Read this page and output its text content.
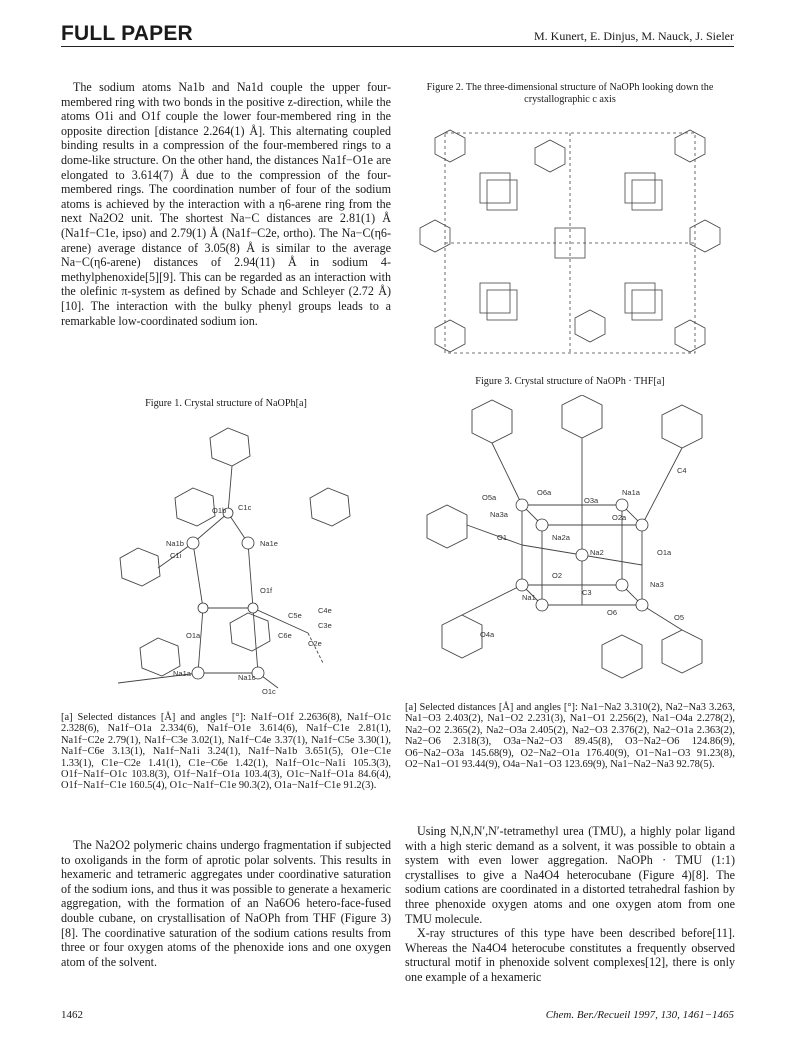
FULL PAPER	M. Kunert, E. Dinjus, M. Nauck, J. Sieler

The sodium atoms Na1b and Na1d couple the upper four-membered ring with two bonds in the positive z-direction, while the atoms O1i and O1f couple the lower four-membered ring in the opposite direction [distance 2.264(1) Å]. This alternating coupled binding results in a compression of the four-membered rings to a dome-like structure. On the other hand, the distances Na1f−O1e are elongated to 3.614(7) Å due to the compression of the four-membered rings. The coordination number of four of the sodium atoms is achieved by the interaction with a η6-arene ring from the next Na2O2 unit. The shortest Na−C distances are 2.81(1) Å (Na1f−C1e, ipso) and 2.79(1) Å (Na1f−C2e, ortho). The Na−C(η6-arene) average distance of 3.05(8) Å is similar to the average Na−C(η6-arene) distances of 2.94(11) Å in sodium 4-methylphenoxide[5][9]. This can be regarded as an interaction with the olefinic π-system as defined by Schade and Schleyer (2.72 Å)[10]. The interaction with the bulky phenyl groups leads to a remarkable low-coordinated sodium ion.

Figure 1. Crystal structure of NaOPh[a]
O1b C1c
Na1b	Na1e
C1i
O1f
C4e
C5e
C3e
O1a	C6e
C2e
Na1a	Na1c
O1c
[a] Selected distances [Å] and angles [°]: Na1f−O1f 2.2636(8), Na1f−O1c 2.328(6), Na1f−O1a 2.334(6), Na1f−O1e 3.614(6), Na1f−C1e 2.81(1), Na1f−C2e 2.79(1), Na1f−C3e 3.02(1), Na1f−C4e 3.37(1), Na1f−C5e 3.30(1), Na1f−C6e 3.13(1), Na1f−Na1i 3.24(1), Na1f−Na1b 3.651(5), O1e−C1e 1.33(1), C1e−C2e 1.41(1), C1e−C6e 1.42(1), Na1f−O1c−Na1i 105.3(3), O1f−Na1f−O1c 103.8(3), O1f−Na1f−O1a 103.4(3), O1c−Na1f−O1a 84.6(4), O1f−Na1f−C1e 160.5(4), O1c−Na1f−C1e 90.3(2), O1a−Na1f−C1e 91.2(3).

The Na2O2 polymeric chains undergo fragmentation if subjected to oxoligands in the form of aprotic polar solvents. This results in hexameric and tetrameric aggregates under coordinative saturation of the sodium ions, and thus it was possible to generate a hexameric aggregation, with the formation of an Na6O6 hetero-face-fused double cubane, on crystallisation of NaOPh from THF (Figure 3)[8]. The coordinative saturation of the sodium cations results from three or four oxygen atoms of the phenoxide ions and one oxygen atom of the solvent.

Figure 2. The three-dimensional structure of NaOPh looking down the crystallographic c axis
Figure 3. Crystal structure of NaOPh · THF[a]
O5a
O6a
O3a
Na1a
C4
Na3a	O2a
O1	Na2a
O1a
Na2
O2
Na3
Na1
C3
O6
O4a
O5
[a] Selected distances [Å] and angles [°]: Na1−Na2 3.310(2), Na2−Na3 3.263, Na1−O3 2.403(2), Na1−O2 2.231(3), Na1−O1 2.256(2), Na1−O4a 2.278(2), Na2−O2 2.365(2), Na2−O3a 2.405(2), Na2−O3 2.376(2), Na2−O1a 2.363(2), Na2−O6 2.318(3), O3a−Na2−O3 89.45(8), O3−Na2−O6 124.86(9), O6−Na2−O3a 145.68(9), O2−Na2−O1a 176.40(9), O1−Na1−O3 91.23(8), O2−Na1−O1 93.44(9), O4a−Na1−O3 123.69(9), Na1−Na2−Na3 92.78(5).

Using N,N,N′,N′-tetramethyl urea (TMU), a highly polar ligand with a high steric demand as a solvent, it was possible to obtain a system with even lower aggregation. NaOPh · TMU (1:1) crystallises to give a Na4O4 heterocubane (Figure 4)[8]. The sodium cations are coordinated in a distorted tetrahedral fashion by three phenoxide oxygen atoms and one oxygen atom from one TMU molecule.

X-ray structures of this type have been described before[11]. Whereas the Na4O4 heterocube constitutes a frequently observed structural motif in phenoxide solvent complexes[12], there is only one example of a hexameric

1462	Chem. Ber./Recueil 1997, 130, 1461−1465
